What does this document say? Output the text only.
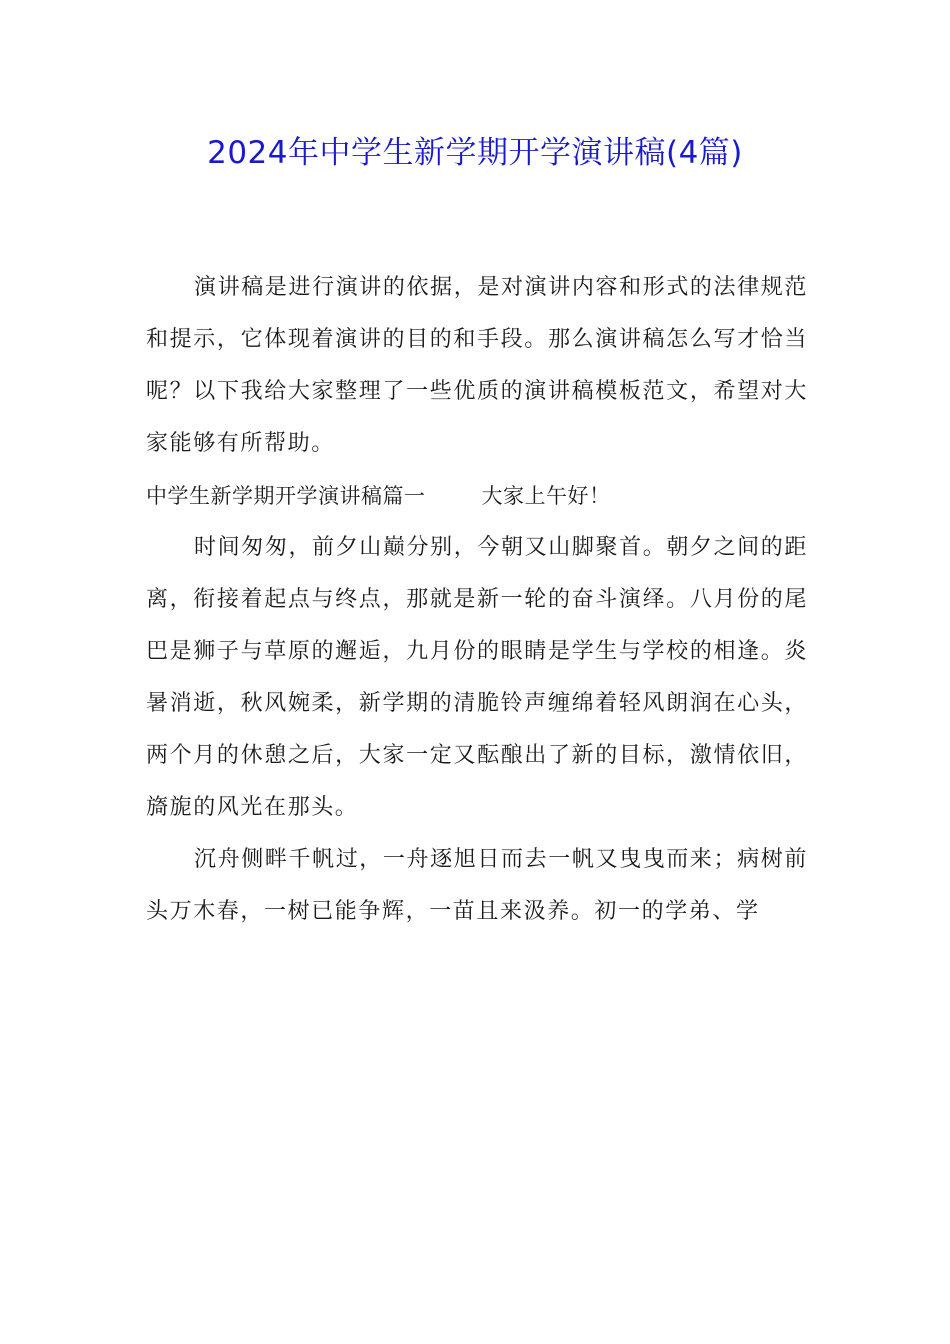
2024年中学生新学期开学演讲稿(4篇)

演讲稿是进行演讲的依据，是对演讲内容和形式的法律规范和提示，它体现着演讲的目的和手段。那么演讲稿怎么写才恰当呢？以下我给大家整理了一些优质的演讲稿模板范文，希望对大家能够有所帮助。

中学生新学期开学演讲稿篇一	大家上午好！

时间匆匆，前夕山巅分别，今朝又山脚聚首。朝夕之间的距离，衔接着起点与终点，那就是新一轮的奋斗演绎。八月份的尾巴是狮子与草原的邂逅，九月份的眼睛是学生与学校的相逢。炎暑消逝，秋风婉柔，新学期的清脆铃声缠绵着轻风朗润在心头，两个月的休憩之后，大家一定又酝酿出了新的目标，激情依旧，旖旎的风光在那头。

沉舟侧畔千帆过，一舟逐旭日而去一帆又曳曳而来；病树前头万木春，一树已能争辉，一苗且来汲养。初一的学弟、学
